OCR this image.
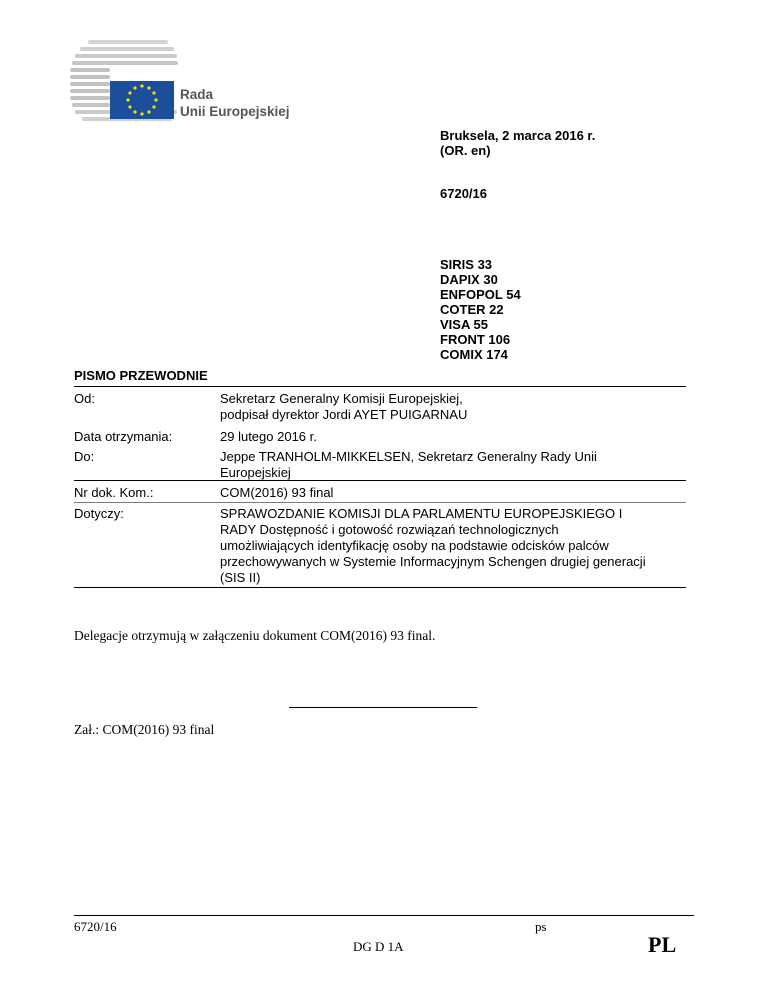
Rada
Unii Europejskiej
Bruksela, 2 marca 2016 r.
(OR. en)
6720/16
SIRIS 33
DAPIX 30
ENFOPOL 54
COTER 22
VISA 55
FRONT 106
COMIX 174
PISMO PRZEWODNIE
Od:	Sekretarz Generalny Komisji Europejskiej,
podpisał dyrektor Jordi AYET PUIGARNAU
Data otrzymania:	29 lutego 2016 r.
Do:	Jeppe TRANHOLM-MIKKELSEN, Sekretarz Generalny Rady Unii
Europejskiej
Nr dok. Kom.:	COM(2016) 93 final
Dotyczy:	SPRAWOZDANIE KOMISJI DLA PARLAMENTU EUROPEJSKIEGO I
RADY Dostępność i gotowość rozwiązań technologicznych
umożliwiających identyfikację osoby na podstawie odcisków palców
przechowywanych w Systemie Informacyjnym Schengen drugiej generacji
(SIS II)
Delegacje otrzymują w załączeniu dokument COM(2016) 93 final.
Zał.: COM(2016) 93 final
6720/16	ps
DG D 1A	PL
